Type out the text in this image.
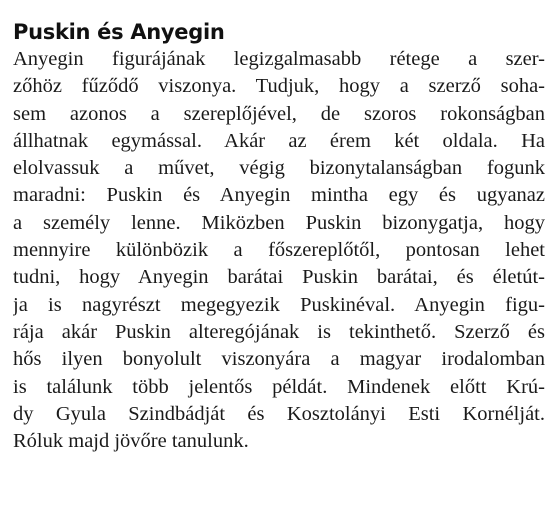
Puskin és Anyegin
Anyegin figurájának legizgalmasabb rétege a szer-
zőhöz fűződő viszonya. Tudjuk, hogy a szerző soha-
sem azonos a szereplőjével, de szoros rokonságban
állhatnak egymással. Akár az érem két oldala. Ha
elolvassuk a művet, végig bizonytalanságban fogunk
maradni: Puskin és Anyegin mintha egy és ugyanaz
a személy lenne. Miközben Puskin bizonygatja, hogy
mennyire különbözik a főszereplőtől, pontosan lehet
tudni, hogy Anyegin barátai Puskin barátai, és életút-
ja is nagyrészt megegyezik Puskinéval. Anyegin figu-
rája akár Puskin alteregójának is tekinthető. Szerző és
hős ilyen bonyolult viszonyára a magyar irodalomban
is találunk több jelentős példát. Mindenek előtt Krú-
dy Gyula Szindbádját és Kosztolányi Esti Kornélját.
Róluk majd jövőre tanulunk.
